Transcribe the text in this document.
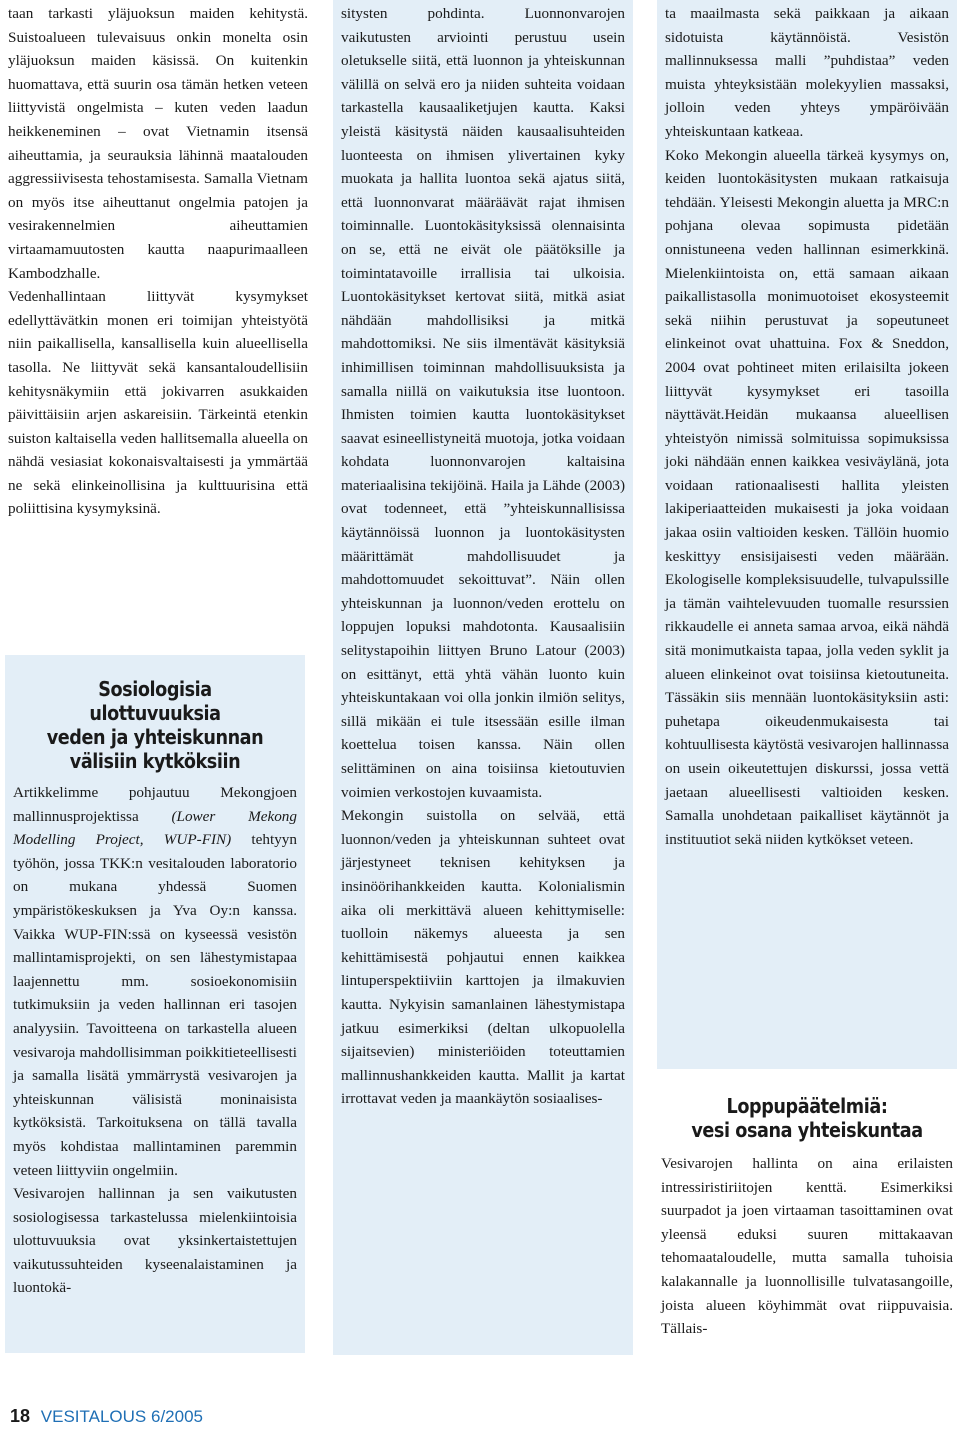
taan tarkasti yläjuoksun maiden kehitystä. Suistoalueen tulevaisuus onkin monelta osin yläjuoksun maiden käsissä. On kuitenkin huomattava, että suurin osa tämän hetken veteen liittyvistä ongelmista – kuten veden laadun heikkeneminen – ovat Vietnamin itsensä aiheuttamia, ja seurauksia lähinnä maatalouden aggressiivisesta tehostamisesta. Samalla Vietnam on myös itse aiheuttanut ongelmia patojen ja vesirakennelmien aiheuttamien virtaamamuutosten kautta naapurimaalleen Kambodzhalle.

Vedenhallintaan liittyvät kysymykset edellyttävätkin monen eri toimijan yhteistyötä niin paikallisella, kansallisella kuin alueellisella tasolla. Ne liittyvät sekä kansantaloudellisiin kehitysnäkymiin että jokivarren asukkaiden päivittäisiin arjen askareisiin. Tärkeintä etenkin suiston kaltaisella veden hallitsemalla alueella on nähdä vesiasiat kokonaisvaltaisesti ja ymmärtää ne sekä elinkeinollisina ja kulttuurisina että poliittisina kysymyksinä.

Sosiologisia ulottuvuuksia
veden ja yhteiskunnan
välisiin kytköksiin

Artikkelimme pohjautuu Mekongjoen mallinnusprojektissa (Lower Mekong Modelling Project, WUP-FIN) tehtyyn työhön, jossa TKK:n vesitalouden laboratorio on mukana yhdessä Suomen ympäristökeskuksen ja Yva Oy:n kanssa. Vaikka WUP-FIN:ssä on kyseessä vesistön mallintamisprojekti, on sen lähestymistapaa laajennettu mm. sosioekonomisiin tutkimuksiin ja veden hallinnan eri tasojen analyysiin. Tavoitteena on tarkastella alueen vesivaroja mahdollisimman poikkitieteellisesti ja samalla lisätä ymmärrystä vesivarojen ja yhteiskunnan välisistä moninaisista kytköksistä. Tarkoituksena on tällä tavalla myös kohdistaa mallintaminen paremmin veteen liittyviin ongelmiin.

Vesivarojen hallinnan ja sen vaikutusten sosiologisessa tarkastelussa mielenkiintoisia ulottuvuuksia ovat yksinkertaistettujen vaikutussuhteiden kyseenalaistaminen ja luontokä-

sitysten pohdinta. Luonnonvarojen vaikutusten arviointi perustuu usein oletukselle siitä, että luonnon ja yhteiskunnan välillä on selvä ero ja niiden suhteita voidaan tarkastella kausaaliketjujen kautta. Kaksi yleistä käsitystä näiden kausaalisuhteiden luonteesta on ihmisen ylivertainen kyky muokata ja hallita luontoa sekä ajatus siitä, että luonnonvarat määräävät rajat ihmisen toiminnalle. Luontokäsityksissä olennaisinta on se, että ne eivät ole päätöksille ja toimintatavoille irrallisia tai ulkoisia. Luontokäsitykset kertovat siitä, mitkä asiat nähdään mahdollisiksi ja mitkä mahdottomiksi. Ne siis ilmentävät käsityksiä inhimillisen toiminnan mahdollisuuksista ja samalla niillä on vaikutuksia itse luontoon. Ihmisten toimien kautta luontokäsitykset saavat esineellistyneitä muotoja, jotka voidaan kohdata luonnonvarojen kaltaisina materiaalisina tekijöinä. Haila ja Lähde (2003) ovat todenneet, että ”yhteiskunnallisissa käytännöissä luonnon ja luontokäsitysten määrittämät mahdollisuudet ja mahdottomuudet sekoittuvat”. Näin ollen yhteiskunnan ja luonnon/veden erottelu on loppujen lopuksi mahdotonta. Kausaalisiin selitystapoihin liittyen Bruno Latour (2003) on esittänyt, että yhtä vähän luonto kuin yhteiskuntakaan voi olla jonkin ilmiön selitys, sillä mikään ei tule itsessään esille ilman koettelua toisen kanssa. Näin ollen selittäminen on aina toisiinsa kietoutuvien voimien verkostojen kuvaamista.

Mekongin suistolla on selvää, että luonnon/veden ja yhteiskunnan suhteet ovat järjestyneet teknisen kehityksen ja insinöörihankkeiden kautta. Kolonialismin aika oli merkittävä alueen kehittymiselle: tuolloin näkemys alueesta ja sen kehittämisestä pohjautui ennen kaikkea lintuperspektiiviin karttojen ja ilmakuvien kautta. Nykyisin samanlainen lähestymistapa jatkuu esimerkiksi (deltan ulkopuolella sijaitsevien) ministeriöiden toteuttamien mallinnushankkeiden kautta. Mallit ja kartat irrottavat veden ja maankäytön sosiaalises-

ta maailmasta sekä paikkaan ja aikaan sidotuista käytännöistä. Vesistön mallinnuksessa malli ”puhdistaa” veden muista yhteyksistään molekyylien massaksi, jolloin veden yhteys ympäröivään yhteiskuntaan katkeaa.

Koko Mekongin alueella tärkeä kysymys on, keiden luontokäsitysten mukaan ratkaisuja tehdään. Yleisesti Mekongin aluetta ja MRC:n pohjana olevaa sopimusta pidetään onnistuneena veden hallinnan esimerkkinä. Mielenkiintoista on, että samaan aikaan paikallistasolla monimuotoiset ekosysteemit sekä niihin perustuvat ja sopeutuneet elinkeinot ovat uhattuina. Fox & Sneddon, 2004 ovat pohtineet miten erilaisilta jokeen liittyvät kysymykset eri tasoilla näyttävät.Heidän mukaansa alueellisen yhteistyön nimissä solmituissa sopimuksissa joki nähdään ennen kaikkea vesiväylänä, jota voidaan rationaalisesti hallita yleisten lakiperiaatteiden mukaisesti ja joka voidaan jakaa osiin valtioiden kesken. Tällöin huomio keskittyy ensisijaisesti veden määrään. Ekologiselle kompleksisuudelle, tulvapulssille ja tämän vaihtelevuuden tuomalle resurssien rikkaudelle ei anneta samaa arvoa, eikä nähdä sitä monimutkaista tapaa, jolla veden syklit ja alueen elinkeinot ovat toisiinsa kietoutuneita. Tässäkin siis mennään luontokäsityksiin asti: puhetapa oikeudenmukaisesta tai kohtuullisesta käytöstä vesivarojen hallinnassa on usein oikeutettujen diskurssi, jossa vettä jaetaan alueellisesti valtioiden kesken. Samalla unohdetaan paikalliset käytännöt ja instituutiot sekä niiden kytkökset veteen.

Loppupäätelmiä:
vesi osana yhteiskuntaa

Vesivarojen hallinta on aina erilaisten intressiristiriitojen kenttä. Esimerkiksi suurpadot ja joen virtaaman tasoittaminen ovat yleensä eduksi suuren mittakaavan tehomaataloudelle, mutta samalla tuhoisia kalakannalle ja luonnollisille tulvatasangoille, joista alueen köyhimmät ovat riippuvaisia. Tällais-

18 VESITALOUS 6/2005
